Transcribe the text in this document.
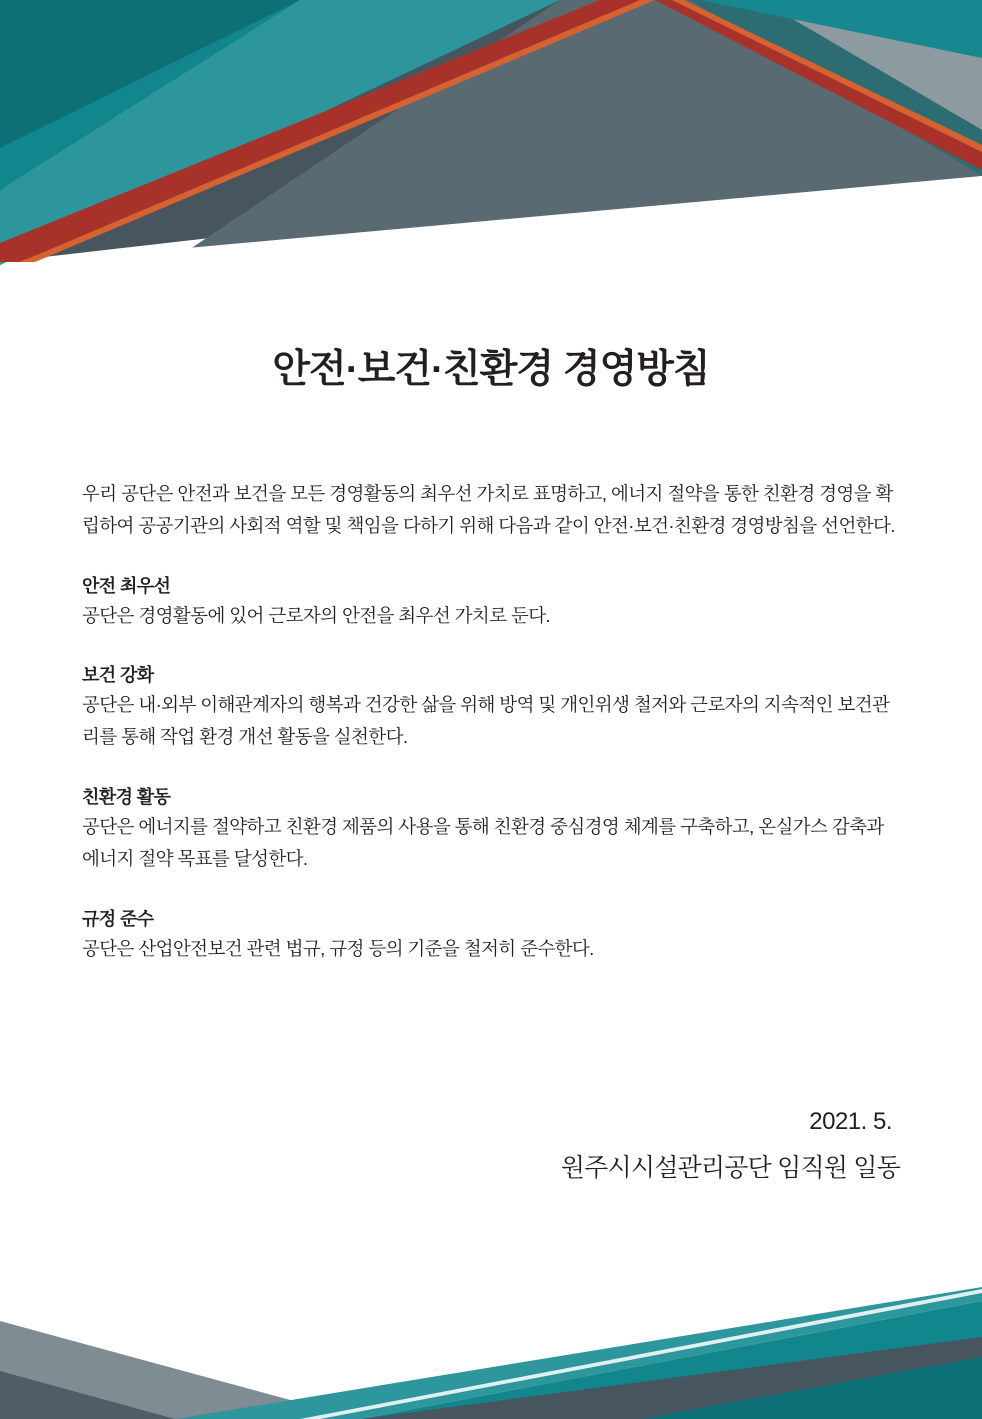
안전·보건·친환경 경영방침

우리 공단은 안전과 보건을 모든 경영활동의 최우선 가치로 표명하고, 에너지 절약을 통한 친환경 경영을 확립하여 공공기관의 사회적 역할 및 책임을 다하기 위해 다음과 같이 안전·보건·친환경 경영방침을 선언한다.

안전 최우선

공단은 경영활동에 있어 근로자의 안전을 최우선 가치로 둔다.

보건 강화

공단은 내·외부 이해관계자의 행복과 건강한 삶을 위해 방역 및 개인위생 철저와 근로자의 지속적인 보건관리를 통해 작업 환경 개선 활동을 실천한다.

친환경 활동

공단은 에너지를 절약하고 친환경 제품의 사용을 통해 친환경 중심경영 체계를 구축하고, 온실가스 감축과 에너지 절약 목표를 달성한다.

규정 준수

공단은 산업안전보건 관련 법규, 규정 등의 기준을 철저히 준수한다.

2021. 5.

원주시시설관리공단 임직원 일동
